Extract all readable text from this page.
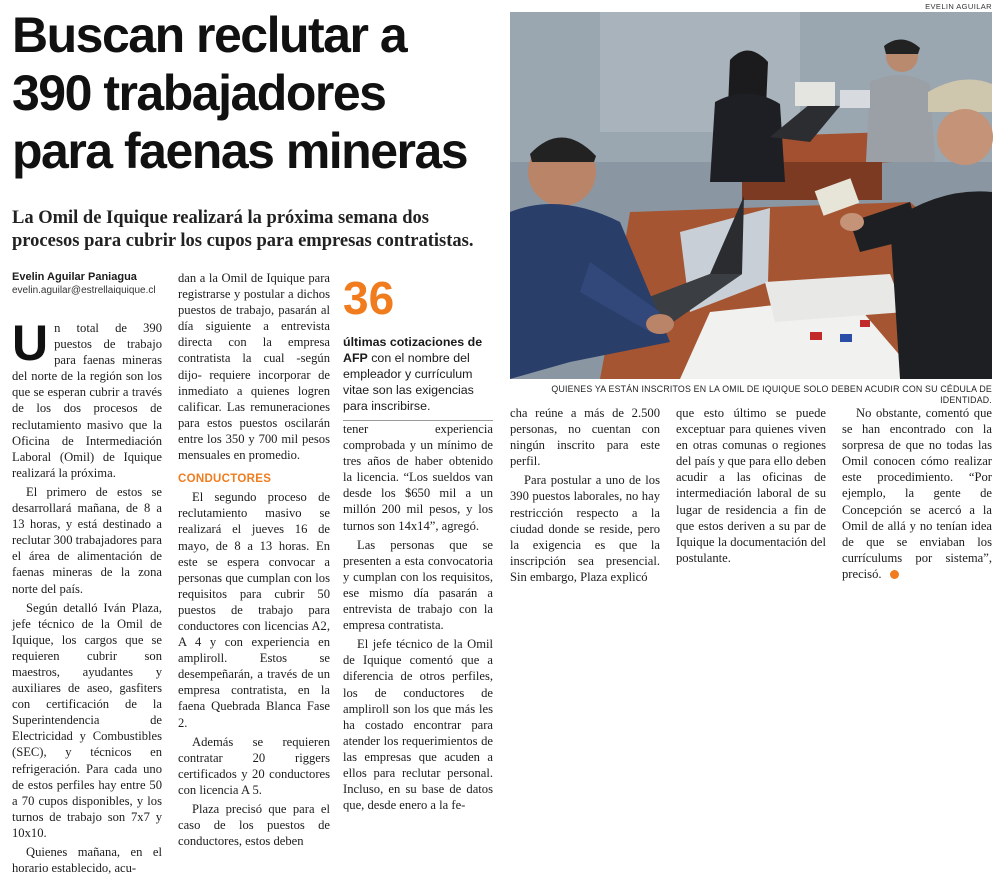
Buscan reclutar a
390 trabajadores
para faenas mineras
La Omil de Iquique realizará la próxima semana dos
procesos para cubrir los cupos para empresas contratistas.
Evelin Aguilar Paniagua
evelin.aguilar@estrellaiquique.cl

Un total de 390 puestos de trabajo para faenas mineras del norte de la región son los que se esperan cubrir a través de los dos procesos de reclutamiento masivo que la Oficina de Intermediación Laboral (Omil) de Iquique realizará la próxima.

El primero de estos se desarrollará mañana, de 8 a 13 horas, y está destinado a reclutar 300 trabajadores para el área de alimentación de faenas mineras de la zona norte del país.

Según detalló Iván Plaza, jefe técnico de la Omil de Iquique, los cargos que se requieren cubrir son maestros, ayudantes y auxiliares de aseo, gasfiters con certificación de la Superintendencia de Electricidad y Combustibles (SEC), y técnicos en refrigeración. Para cada uno de estos perfiles hay entre 50 a 70 cupos disponibles, y los turnos de trabajo son 7x7 y 10x10.

Quienes mañana, en el horario establecido, acu-

dan a la Omil de Iquique para registrarse y postular a dichos puestos de trabajo, pasarán al día siguiente a entrevista directa con la empresa contratista la cual -según dijo- requiere incorporar de inmediato a quienes logren calificar. Las remuneraciones para estos puestos oscilarán entre los 350 y 700 mil pesos mensuales en promedio.

CONDUCTORES

El segundo proceso de reclutamiento masivo se realizará el jueves 16 de mayo, de 8 a 13 horas. En este se espera convocar a personas que cumplan con los requisitos para cubrir 50 puestos de trabajo para conductores con licencias A2, A 4 y con experiencia en ampliroll. Estos se desempeñarán, a través de un empresa contratista, en la faena Quebrada Blanca Fase 2.

Además se requieren contratar 20 riggers certificados y 20 conductores con licencia A 5.

Plaza precisó que para el caso de los puestos de conductores, estos deben

36
últimas cotizaciones de AFP con el nombre del empleador y currículum vitae son las exigencias para inscribirse.

tener experiencia comprobada y un mínimo de tres años de haber obtenido la licencia. “Los sueldos van desde los $650 mil a un millón 200 mil pesos, y los turnos son 14x14”, agregó.

Las personas que se presenten a esta convocatoria y cumplan con los requisitos, ese mismo día pasarán a entrevista de trabajo con la empresa contratista.

El jefe técnico de la Omil de Iquique comentó que a diferencia de otros perfiles, los de conductores de ampliroll son los que más les ha costado encontrar para atender los requerimientos de las empresas que acuden a ellos para reclutar personal. Incluso, en su base de datos que, desde enero a la fe-

EVELIN AGUILAR
QUIENES YA ESTÁN INSCRITOS EN LA OMIL DE IQUIQUE SOLO DEBEN ACUDIR CON SU CÉDULA DE IDENTIDAD.

cha reúne a más de 2.500 personas, no cuentan con ningún inscrito para este perfil.

Para postular a uno de los 390 puestos laborales, no hay restricción respecto a la ciudad donde se reside, pero la exigencia es que la inscripción sea presencial. Sin embargo, Plaza explicó

que esto último se puede exceptuar para quienes viven en otras comunas o regiones del país y que para ello deben acudir a las oficinas de intermediación laboral de su lugar de residencia a fin de que estos deriven a su par de Iquique la documentación del postulante.

No obstante, comentó que se han encontrado con la sorpresa de que no todas las Omil conocen cómo realizar este procedimiento. “Por ejemplo, la gente de Concepción se acercó a la Omil de allá y no tenían idea de que se enviaban los currículums por sistema”, precisó.
